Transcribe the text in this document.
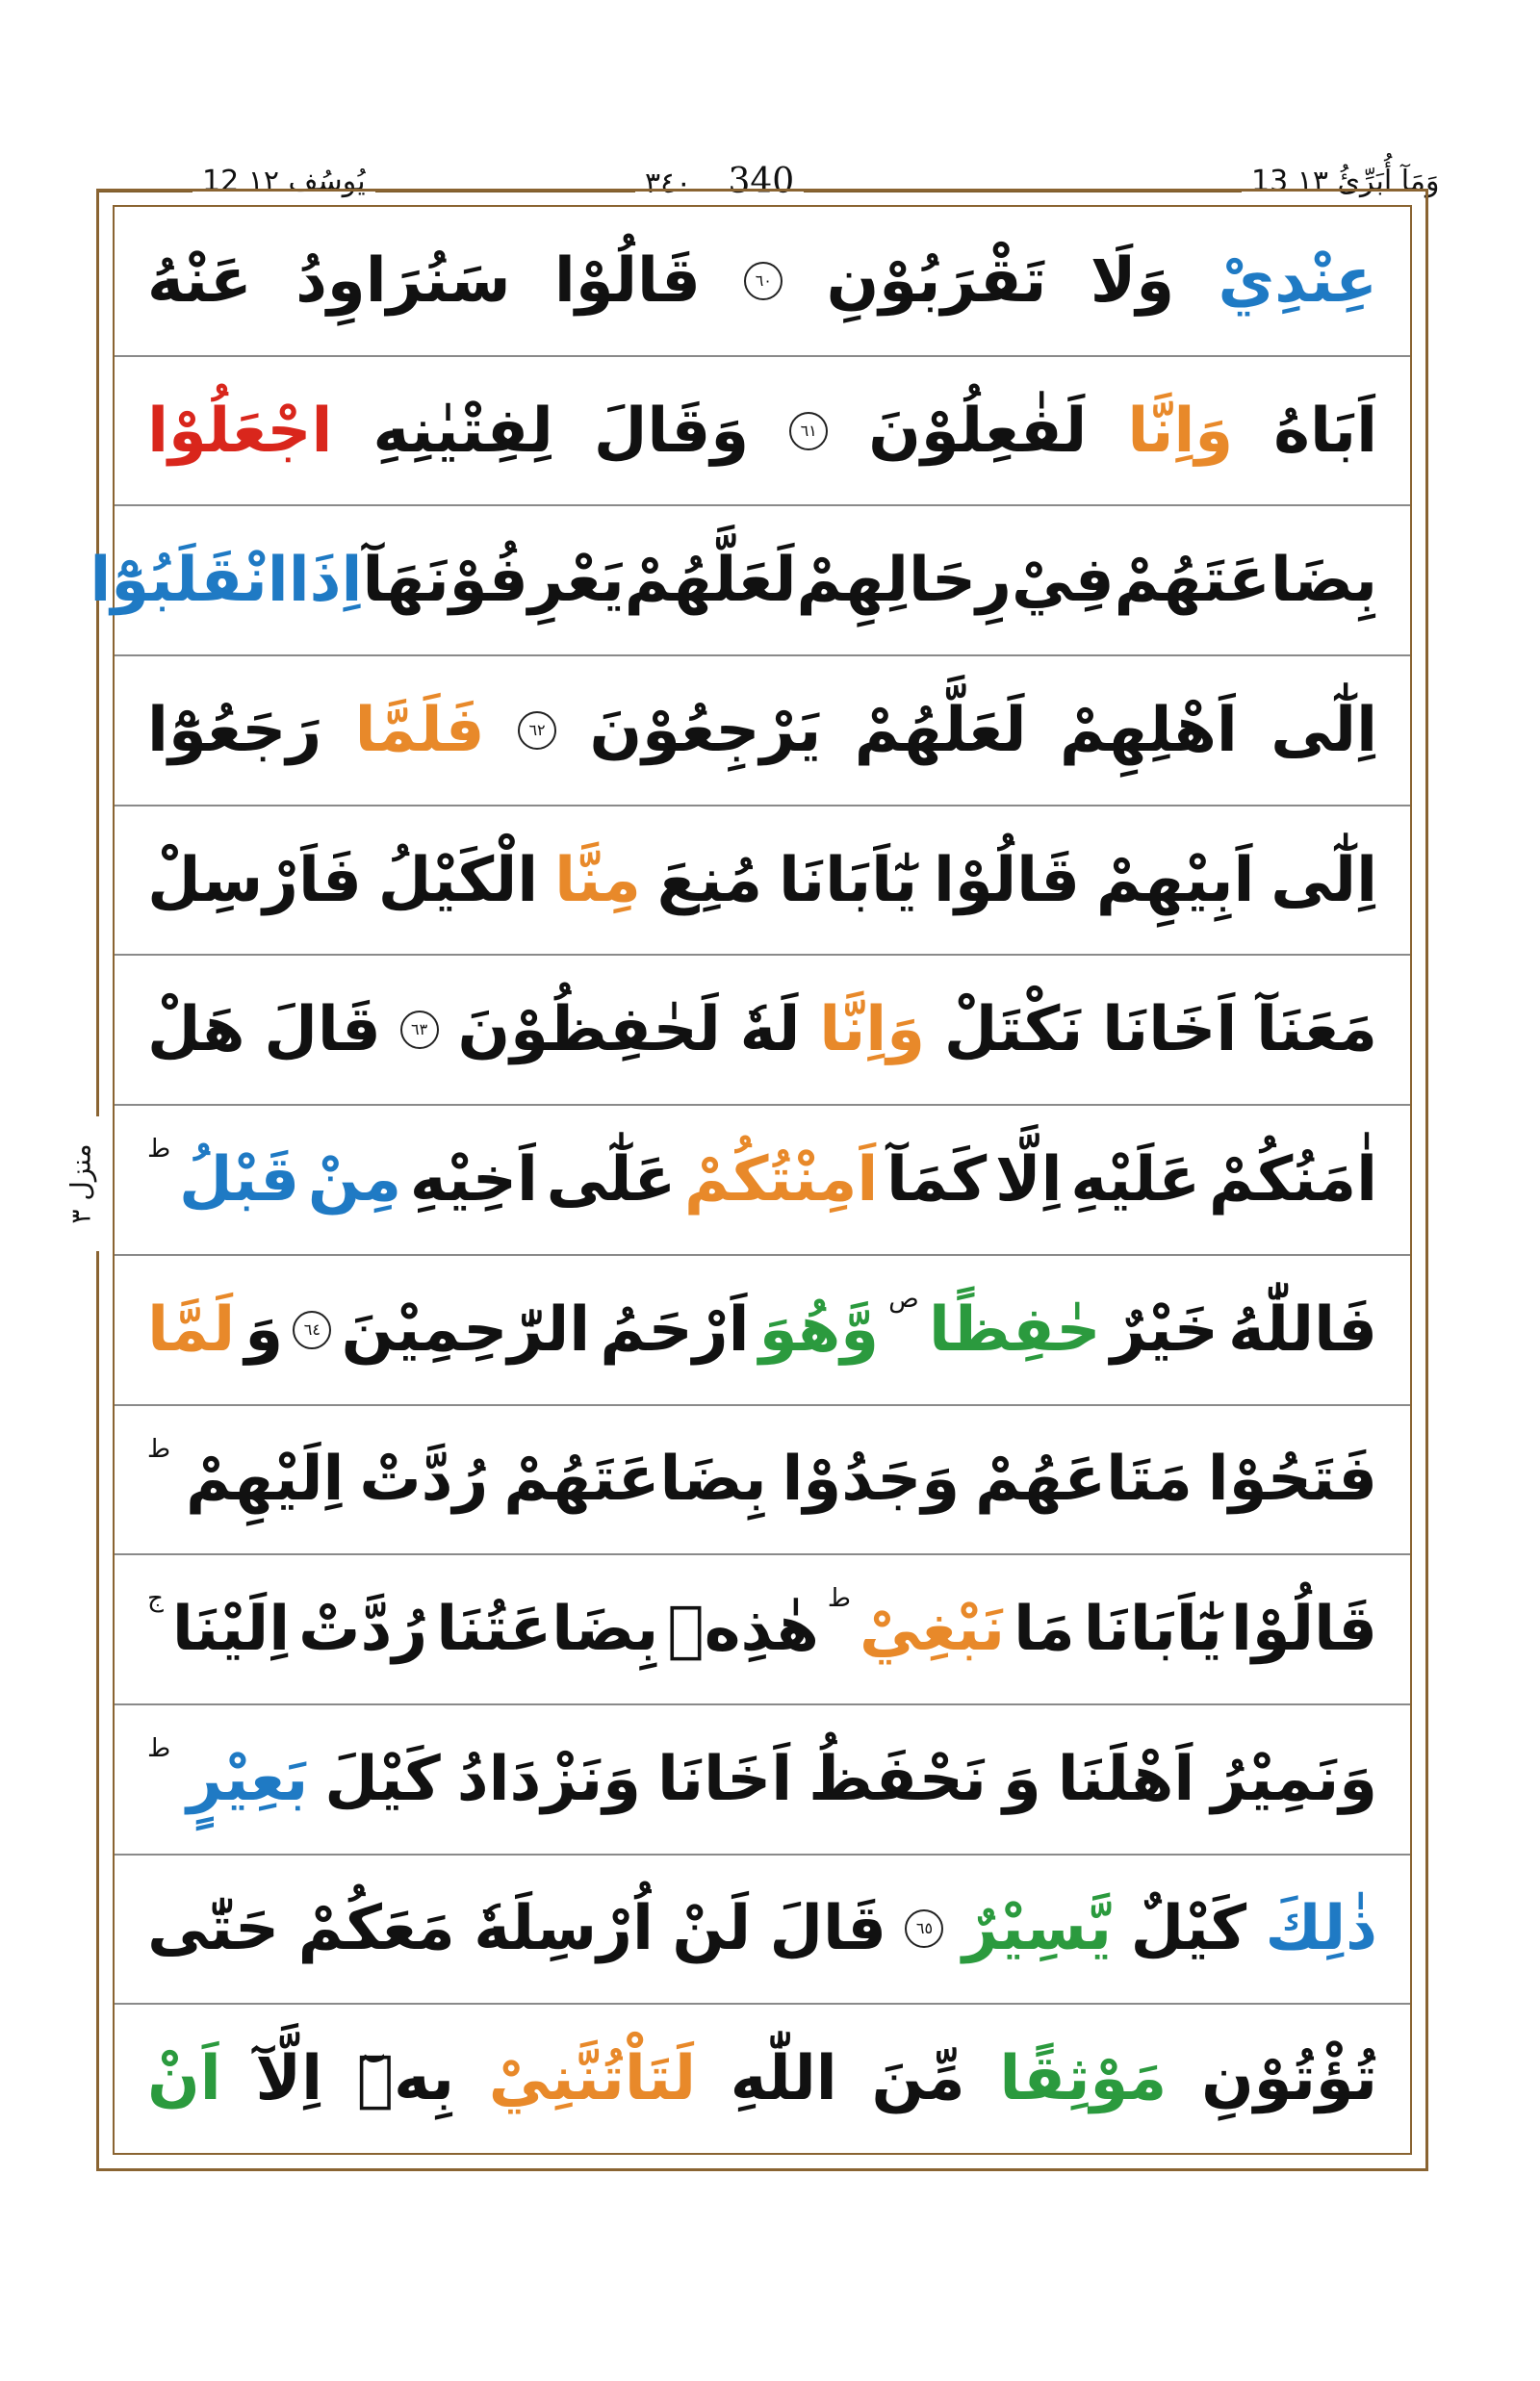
يُوسُف ١٢ 12	٣٤٠ 340	وَمَآ أُبَرِّئُ ١٣ 13
عِنْدِيْ
وَلَا
تَقْرَبُوْنِ
٦٠
قَالُوْا
سَنُرَاوِدُ
عَنْهُ
اَبَاهُ
وَاِنَّا
لَفٰعِلُوْنَ
٦١
وَقَالَ
لِفِتْيٰنِهِ
اجْعَلُوْا
بِضَاعَتَهُمْ
فِيْ
رِحَالِهِمْ
لَعَلَّهُمْ
يَعْرِفُوْنَهَآ
اِذَا
انْقَلَبُوْٓا
اِلٰٓى
اَهْلِهِمْ
لَعَلَّهُمْ
يَرْجِعُوْنَ
٦٢
فَلَمَّا
رَجَعُوْٓا
اِلٰٓى
اَبِيْهِمْ
قَالُوْا
يٰٓاَبَانَا
مُنِعَ
مِنَّا
الْكَيْلُ
فَاَرْسِلْ
مَعَنَآ
اَخَانَا
نَكْتَلْ
وَاِنَّا
لَهٗ
لَحٰفِظُوْنَ
٦٣
قَالَ
هَلْ
اٰمَنُكُمْ
عَلَيْهِ
اِلَّا
كَمَآ
اَمِنْتُكُمْ
عَلٰٓى
اَخِيْهِ
مِنْ
قَبْلُ
ط
فَاللّٰهُ
خَيْرٌ
حٰفِظًا
ص
وَّهُوَ
اَرْحَمُ
الرّٰحِمِيْنَ
٦٤
وَ
لَمَّا
فَتَحُوْا
مَتَاعَهُمْ
وَجَدُوْا
بِضَاعَتَهُمْ
رُدَّتْ
اِلَيْهِمْ
ط
قَالُوْا
يٰٓاَبَانَا
مَا
نَبْغِيْ
ط
هٰذِهٖ
بِضَاعَتُنَا
رُدَّتْ
اِلَيْنَا
ج
وَنَمِيْرُ
اَهْلَنَا
وَ
نَحْفَظُ
اَخَانَا
وَنَزْدَادُ
كَيْلَ
بَعِيْرٍ
ط
ذٰلِكَ
كَيْلٌ
يَّسِيْرٌ
٦٥
قَالَ
لَنْ
اُرْسِلَهٗ
مَعَكُمْ
حَتّٰى
تُؤْتُوْنِ
مَوْثِقًا
مِّنَ
اللّٰهِ
لَتَاْتُنَّنِيْ
بِهٖٓ
اِلَّآ
اَنْ
منزل ٣
